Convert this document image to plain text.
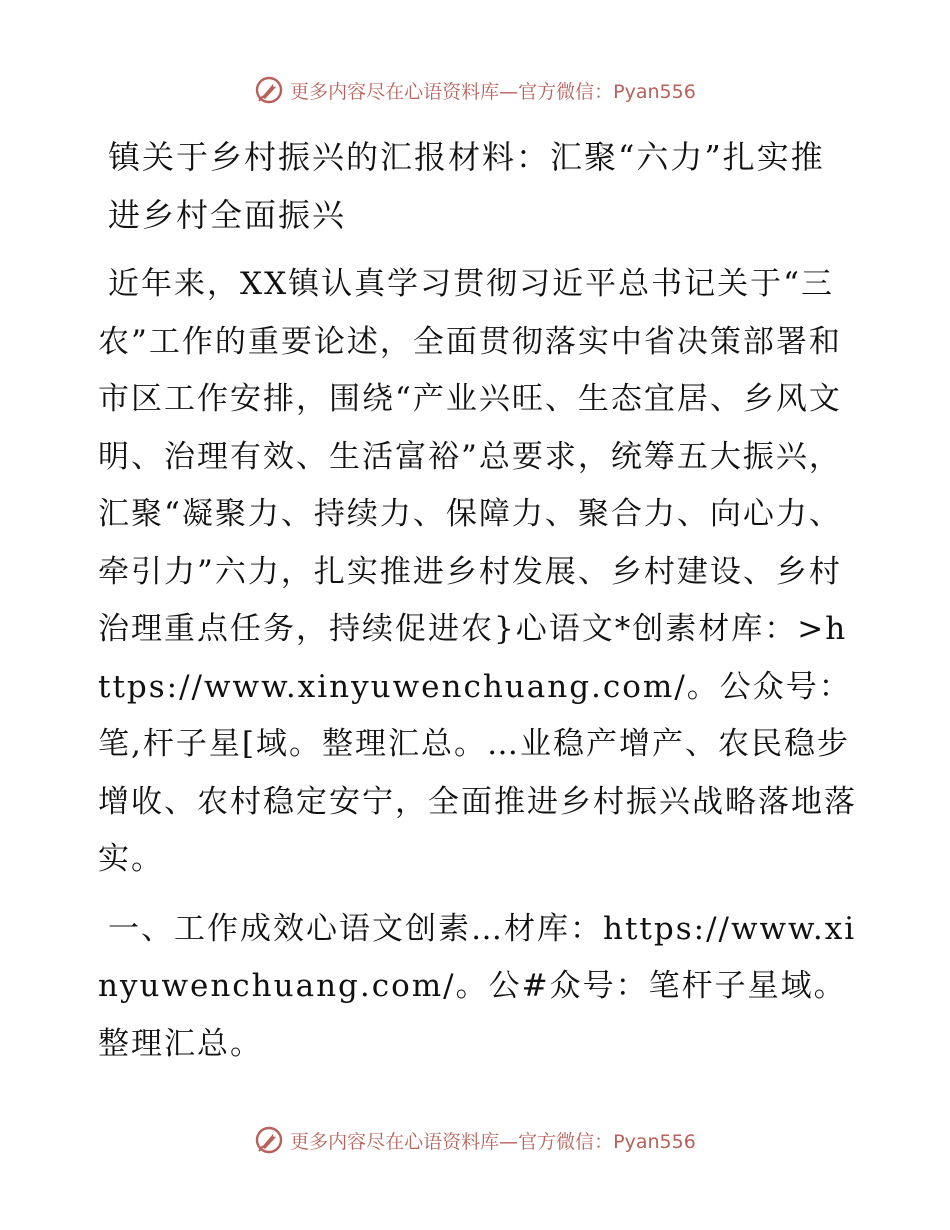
更多内容尽在心语资料库—官方微信：Pyan556
镇关于乡村振兴的汇报材料：汇聚“六力”扎实推进乡村全面振兴

近年来，XX镇认真学习贯彻习近平总书记关于“三农”工作的重要论述，全面贯彻落实中省决策部署和市区工作安排，围绕“产业兴旺、生态宜居、乡风文明、治理有效、生活富裕”总要求，统筹五大振兴，汇聚“凝聚力、持续力、保障力、聚合力、向心力、牵引力”六力，扎实推进乡村发展、乡村建设、乡村治理重点任务，持续促进农}心语文*创素材库：>https://www.xinyuwenchuang.com/。公众号：笔,杆子星[域。整理汇总。…业稳产增产、农民稳步增收、农村稳定安宁，全面推进乡村振兴战略落地落实。

一、工作成效心语文创素…材库：https://www.xinyuwenchuang.com/。公#众号：笔杆子星域。整理汇总。

更多内容尽在心语资料库—官方微信：Pyan556
